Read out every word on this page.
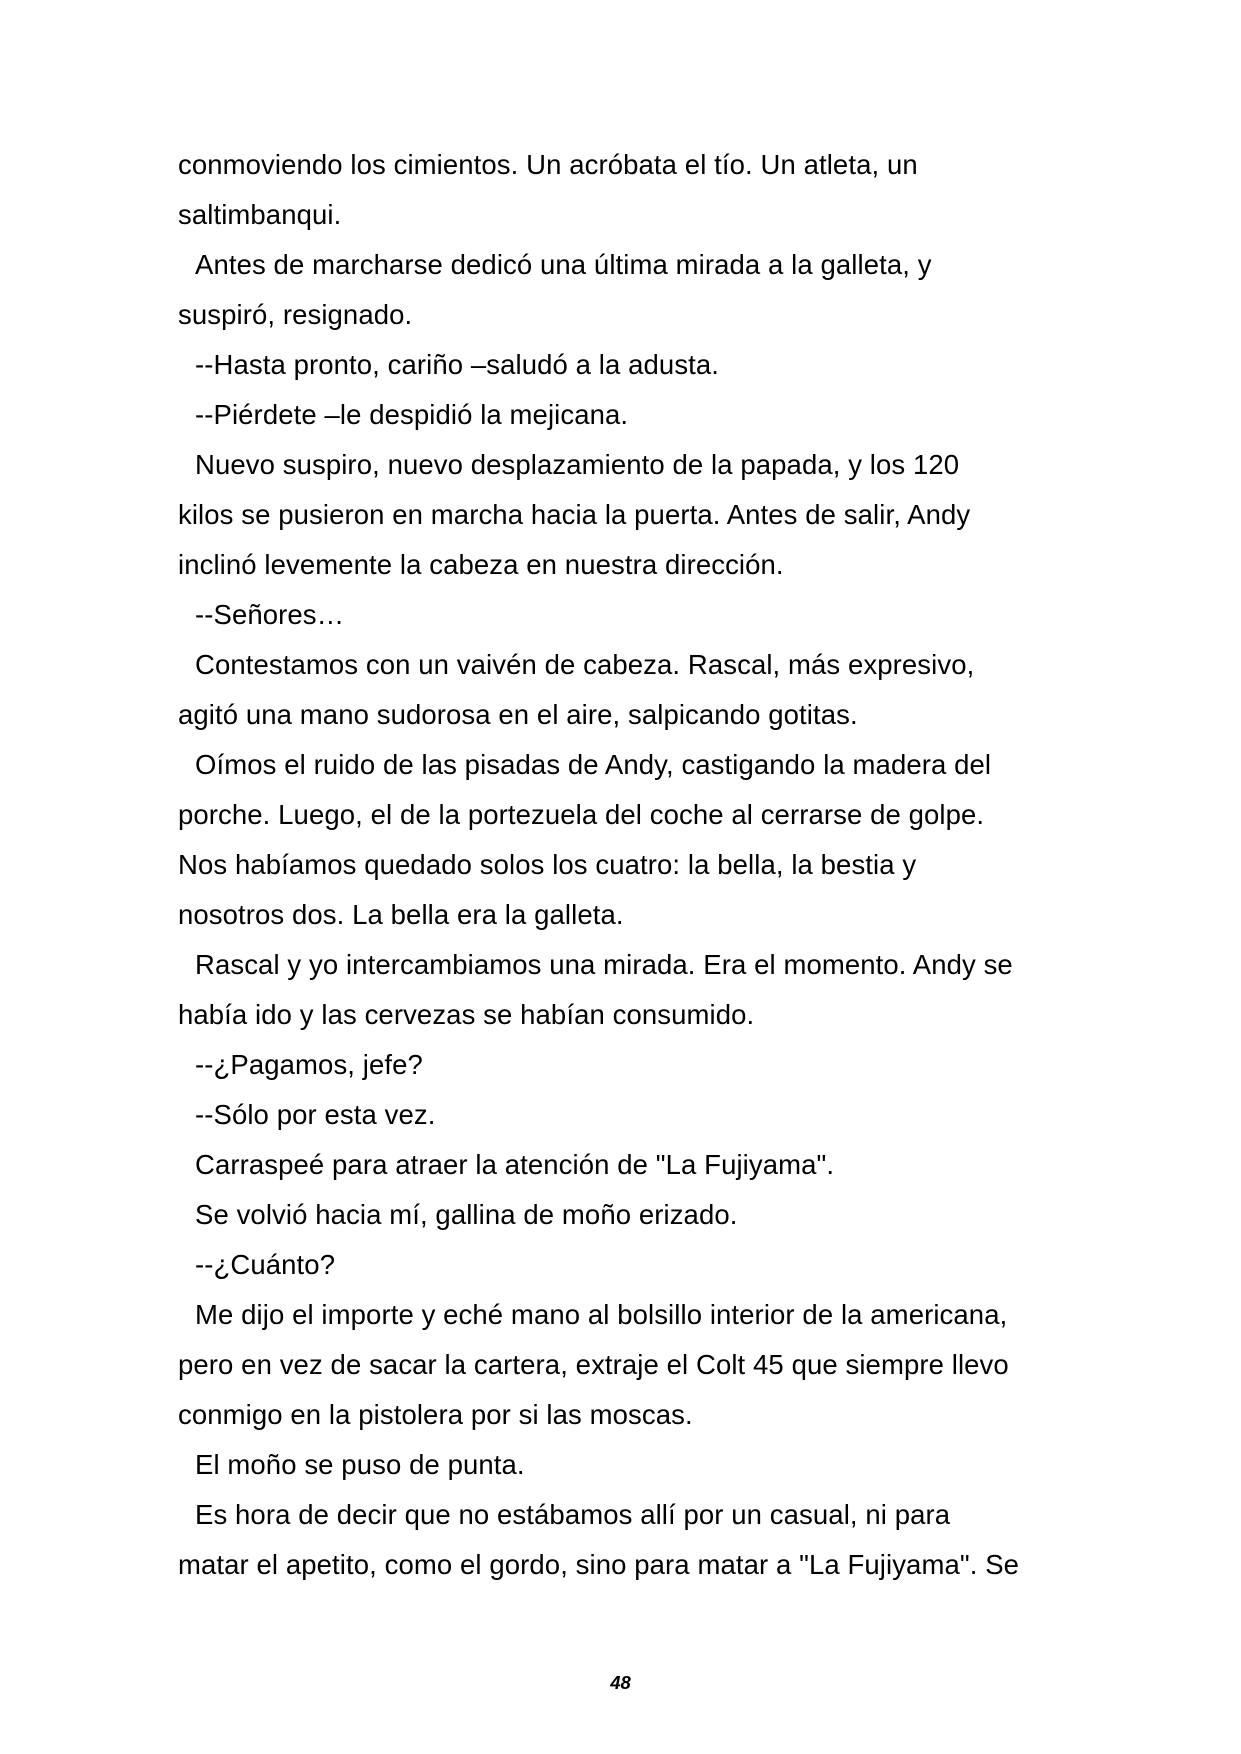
conmoviendo los cimientos. Un acróbata el tío. Un atleta, un
saltimbanqui.
Antes de marcharse dedicó una última mirada a la galleta, y
suspiró, resignado.
--Hasta pronto, cariño –saludó a la adusta.
--Piérdete –le despidió la mejicana.
Nuevo suspiro, nuevo desplazamiento de la papada, y los 120
kilos se pusieron en marcha hacia la puerta. Antes de salir, Andy
inclinó levemente la cabeza en nuestra dirección.
--Señores…
Contestamos con un vaivén de cabeza. Rascal, más expresivo,
agitó una mano sudorosa en el aire, salpicando gotitas.
Oímos el ruido de las pisadas de Andy, castigando la madera del
porche. Luego, el de la portezuela del coche al cerrarse de golpe.
Nos habíamos quedado solos los cuatro: la bella, la bestia y
nosotros dos. La bella era la galleta.
Rascal y yo intercambiamos una mirada. Era el momento. Andy se
había ido y las cervezas se habían consumido.
--¿Pagamos, jefe?
--Sólo por esta vez.
Carraspeé para atraer la atención de "La Fujiyama".
Se volvió hacia mí, gallina de moño erizado.
--¿Cuánto?
Me dijo el importe y eché mano al bolsillo interior de la americana,
pero en vez de sacar la cartera, extraje el Colt 45 que siempre llevo
conmigo en la pistolera por si las moscas.
El moño se puso de punta.
Es hora de decir que no estábamos allí por un casual, ni para
matar el apetito, como el gordo, sino para matar a "La Fujiyama". Se
48
